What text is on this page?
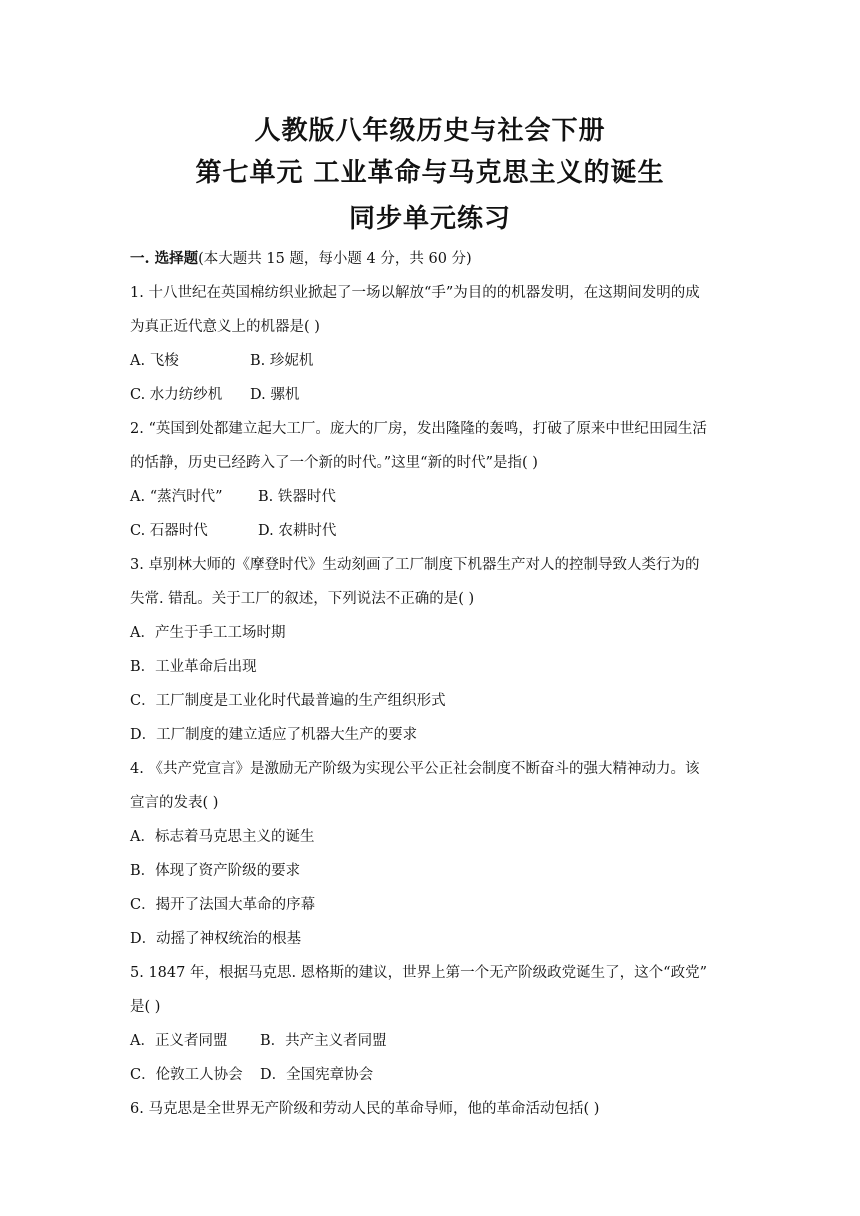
人教版八年级历史与社会下册
第七单元 工业革命与马克思主义的诞生
同步单元练习
一. 选择题(本大题共 15 题，每小题 4 分，共 60 分)
1. 十八世纪在英国棉纺织业掀起了一场以解放“手”为目的的机器发明，在这期间发明的成
为真正近代意义上的机器是( )
A. 飞梭	B. 珍妮机
C. 水力纺纱机 D. 骡机
2. “英国到处都建立起大工厂。庞大的厂房，发出隆隆的轰鸣，打破了原来中世纪田园生活
的恬静，历史已经跨入了一个新的时代。”这里“新的时代”是指( )
A. “蒸汽时代” B. 铁器时代
C. 石器时代	D. 农耕时代
3. 卓别林大师的《摩登时代》生动刻画了工厂制度下机器生产对人的控制导致人类行为的
失常. 错乱。关于工厂的叙述，下列说法不正确的是( )
A．产生于手工工场时期
B．工业革命后出现
C．工厂制度是工业化时代最普遍的生产组织形式
D．工厂制度的建立适应了机器大生产的要求
4. 《共产党宣言》是激励无产阶级为实现公平公正社会制度不断奋斗的强大精神动力。该
宣言的发表( )
A．标志着马克思主义的诞生
B．体现了资产阶级的要求
C．揭开了法国大革命的序幕
D．动摇了神权统治的根基
5. 1847 年，根据马克思. 恩格斯的建议，世界上第一个无产阶级政党诞生了，这个“政党”
是( )
A．正义者同盟 B．共产主义者同盟
C．伦敦工人协会 D．全国宪章协会
6. 马克思是全世界无产阶级和劳动人民的革命导师，他的革命活动包括( )
